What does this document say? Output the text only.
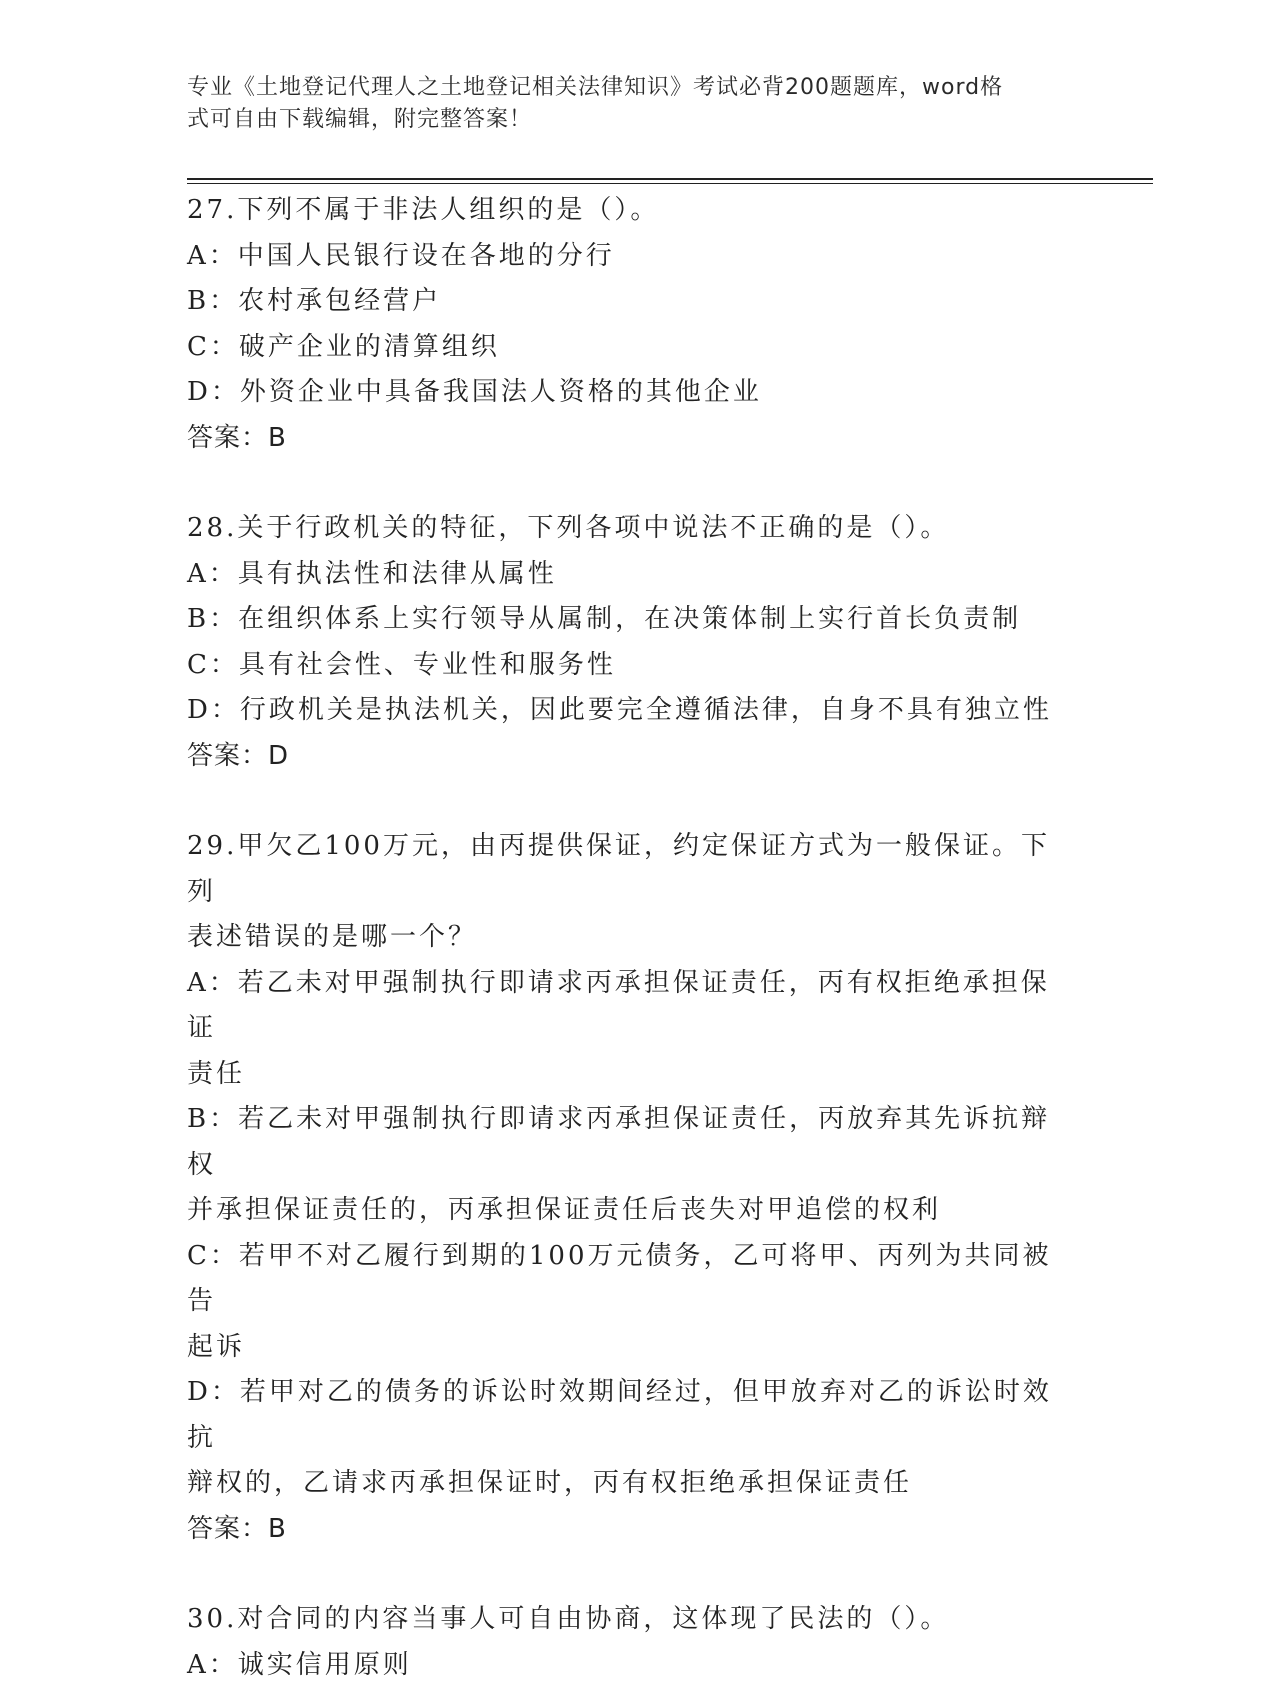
专业《土地登记代理人之土地登记相关法律知识》考试必背200题题库，word格
式可自由下载编辑，附完整答案！

27.下列不属于非法人组织的是（）。

A：中国人民银行设在各地的分行

B：农村承包经营户

C：破产企业的清算组织

D：外资企业中具备我国法人资格的其他企业

答案：B

28.关于行政机关的特征，下列各项中说法不正确的是（）。

A：具有执法性和法律从属性

B：在组织体系上实行领导从属制，在决策体制上实行首长负责制

C：具有社会性、专业性和服务性

D：行政机关是执法机关，因此要完全遵循法律，自身不具有独立性

答案：D

29.甲欠乙100万元，由丙提供保证，约定保证方式为一般保证。下列

表述错误的是哪一个？

A：若乙未对甲强制执行即请求丙承担保证责任，丙有权拒绝承担保证

责任

B：若乙未对甲强制执行即请求丙承担保证责任，丙放弃其先诉抗辩权

并承担保证责任的，丙承担保证责任后丧失对甲追偿的权利

C：若甲不对乙履行到期的100万元债务，乙可将甲、丙列为共同被告

起诉

D：若甲对乙的债务的诉讼时效期间经过，但甲放弃对乙的诉讼时效抗

辩权的，乙请求丙承担保证时，丙有权拒绝承担保证责任

答案：B

30.对合同的内容当事人可自由协商，这体现了民法的（）。

A：诚实信用原则
